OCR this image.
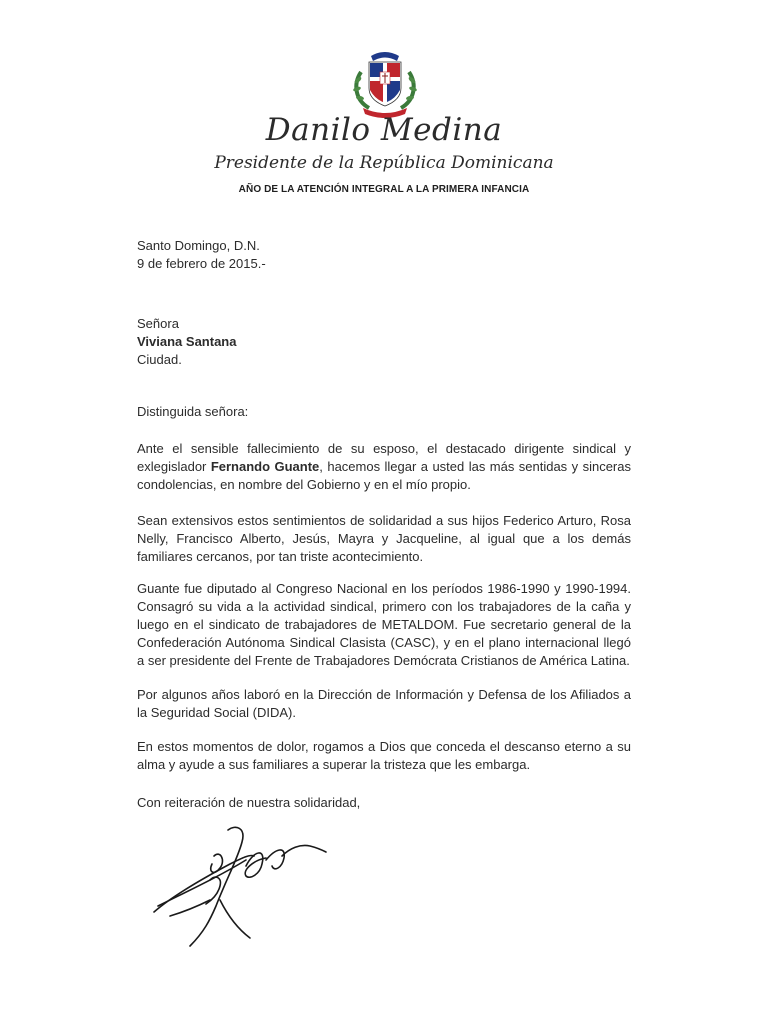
Danilo Medina
Presidente de la República Dominicana
AÑO DE LA ATENCIÓN INTEGRAL A LA PRIMERA INFANCIA

Santo Domingo, D.N.

9 de febrero de 2015.-

Señora

Viviana Santana

Ciudad.

Distinguida señora:
Ante el sensible fallecimiento de su esposo, el destacado dirigente sindical y exlegislador Fernando Guante, hacemos llegar a usted las más sentidas y sinceras condolencias, en nombre del Gobierno y en el mío propio.
Sean extensivos estos sentimientos de solidaridad a sus hijos Federico Arturo, Rosa Nelly, Francisco Alberto, Jesús, Mayra y Jacqueline, al igual que a los demás familiares cercanos, por tan triste acontecimiento.
Guante fue diputado al Congreso Nacional en los períodos 1986-1990 y 1990-1994. Consagró su vida a la actividad sindical, primero con los trabajadores de la caña y luego en el sindicato de trabajadores de METALDOM. Fue secretario general de la Confederación Autónoma Sindical Clasista (CASC), y en el plano internacional llegó a ser presidente del Frente de Trabajadores Demócrata Cristianos de América Latina.
Por algunos años laboró en la Dirección de Información y Defensa de los Afiliados a la Seguridad Social (DIDA).
En estos momentos de dolor, rogamos a Dios que conceda el descanso eterno a su alma y ayude a sus familiares a superar la tristeza que les embarga.
Con reiteración de nuestra solidaridad,
